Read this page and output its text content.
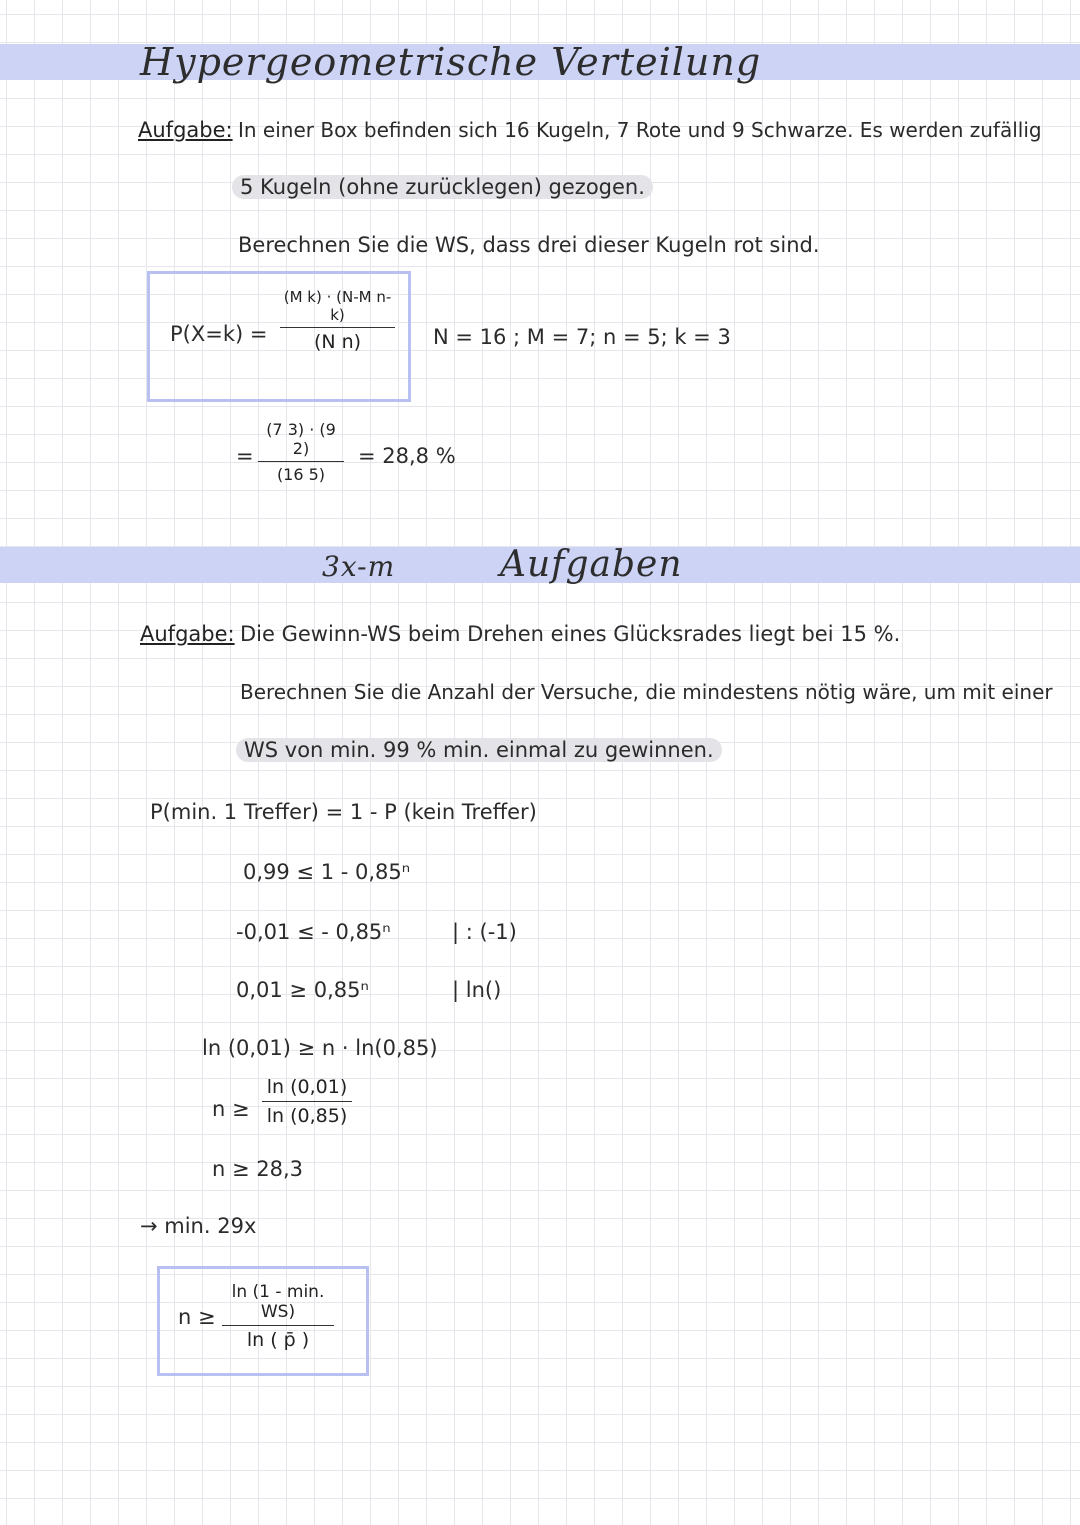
Hypergeometrische Verteilung
Aufgabe: In einer Box befinden sich 16 Kugeln, 7 Rote und 9 Schwarze. Es werden zufällig
5 Kugeln (ohne zurücklegen) gezogen.
Berechnen Sie die WS, dass drei dieser Kugeln rot sind.
P(X=k) =
(M k) · (N-M n-k)
(N n)	N = 16 ; M = 7; n = 5; k = 3
=
(7 3) · (9 2)
(16 5)
= 28,8 %
3x-m	Aufgaben
Aufgabe: Die Gewinn-WS beim Drehen eines Glücksrades liegt bei 15 %.
Berechnen Sie die Anzahl der Versuche, die mindestens nötig wäre, um mit einer
WS von min. 99 % min. einmal zu gewinnen.
P(min. 1 Treffer) = 1 - P (kein Treffer)
0,99 ≤ 1 - 0,85ⁿ
-0,01 ≤ - 0,85ⁿ	| : (-1)
0,01 ≥ 0,85ⁿ	| ln()
ln (0,01) ≥ n · ln(0,85)
n ≥
ln (0,01)
ln (0,85)
n ≥ 28,3
→ min. 29x
n ≥
ln (1 - min. WS)
ln ( p̄ )
